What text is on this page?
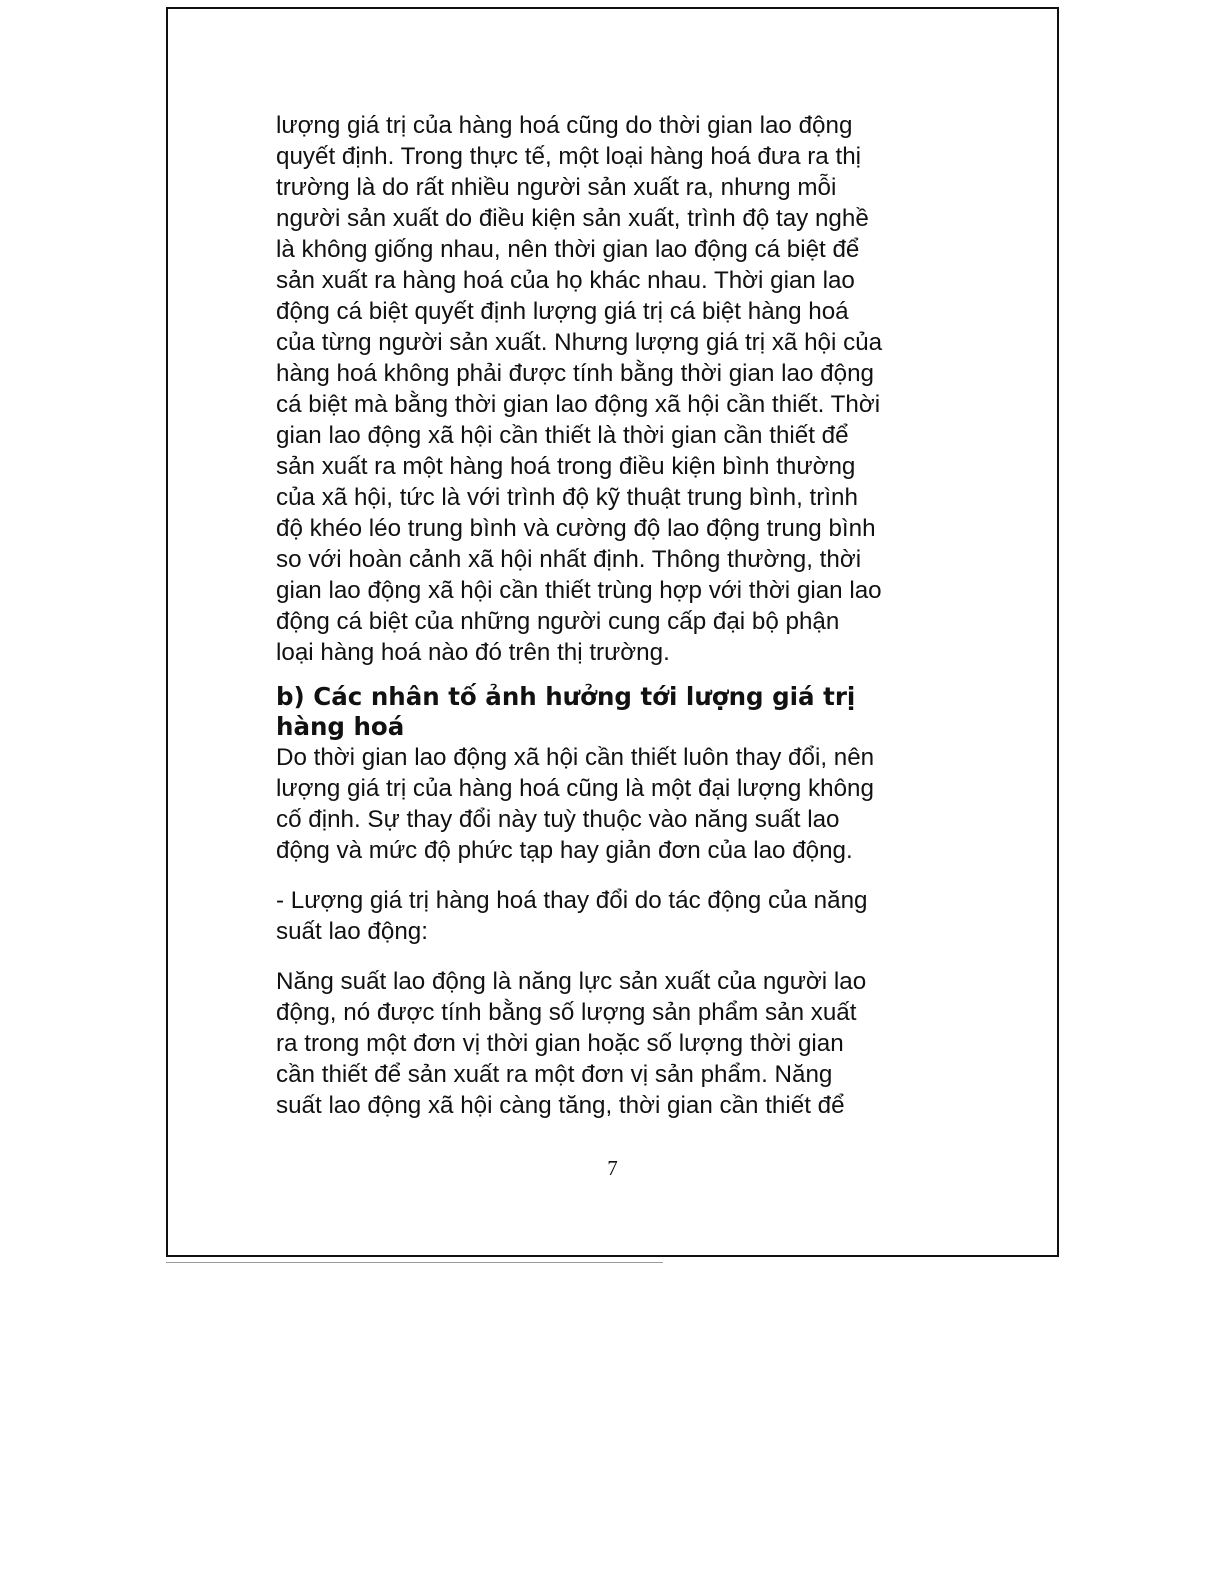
lượng giá trị của hàng hoá cũng do thời gian lao động
quyết định. Trong thực tế, một loại hàng hoá đưa ra thị
trường là do rất nhiều người sản xuất ra, nhưng mỗi
người sản xuất do điều kiện sản xuất, trình độ tay nghề
là không giống nhau, nên thời gian lao động cá biệt để
sản xuất ra hàng hoá của họ khác nhau. Thời gian lao
động cá biệt quyết định lượng giá trị cá biệt hàng hoá
của từng người sản xuất. Nhưng lượng giá trị xã hội của
hàng hoá không phải được tính bằng thời gian lao động
cá biệt mà bằng thời gian lao động xã hội cần thiết. Thời
gian lao động xã hội cần thiết là thời gian cần thiết để
sản xuất ra một hàng hoá trong điều kiện bình thường
của xã hội, tức là với trình độ kỹ thuật trung bình, trình
độ khéo léo trung bình và cường độ lao động trung bình
so với hoàn cảnh xã hội nhất định. Thông thường, thời
gian lao động xã hội cần thiết trùng hợp với thời gian lao
động cá biệt của những người cung cấp đại bộ phận
loại hàng hoá nào đó trên thị trường.
b) Các nhân tố ảnh hưởng tới lượng giá trị
hàng hoá
Do thời gian lao động xã hội cần thiết luôn thay đổi, nên
lượng giá trị của hàng hoá cũng là một đại lượng không
cố định. Sự thay đổi này tuỳ thuộc vào năng suất lao
động và mức độ phức tạp hay giản đơn của lao động.
- Lượng giá trị hàng hoá thay đổi do tác động của năng
suất lao động:
Năng suất lao động là năng lực sản xuất của người lao
động, nó được tính bằng số lượng sản phẩm sản xuất
ra trong một đơn vị thời gian hoặc số lượng thời gian
cần thiết để sản xuất ra một đơn vị sản phẩm. Năng
suất lao động xã hội càng tăng, thời gian cần thiết để
7
